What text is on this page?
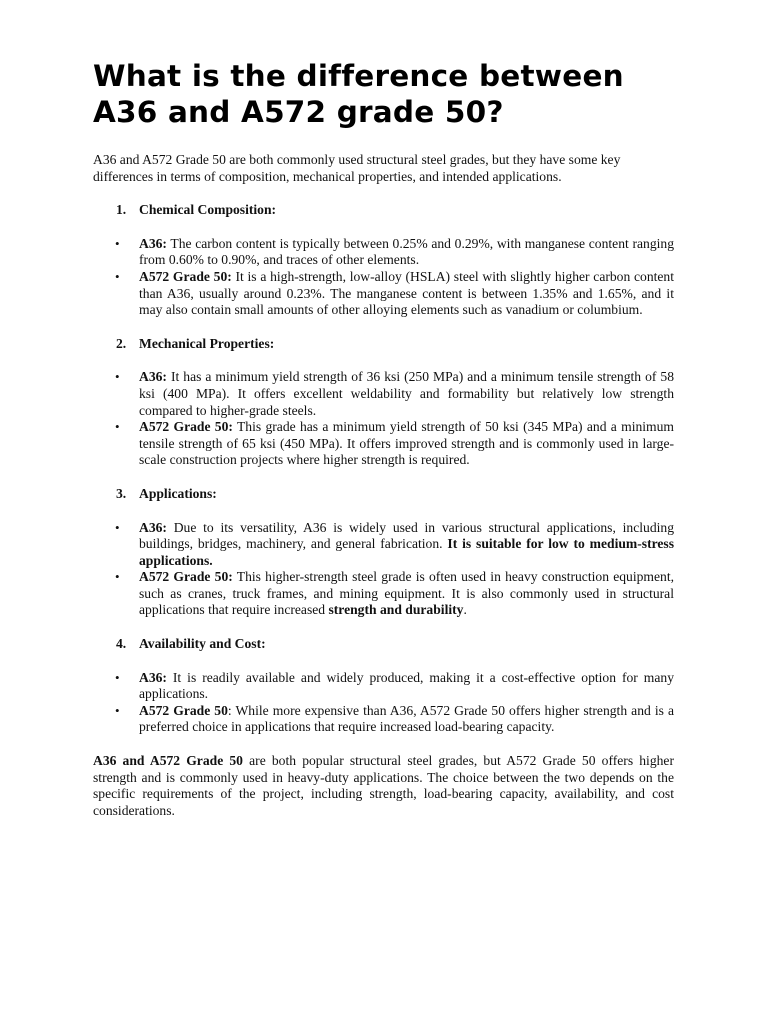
What is the difference between A36 and A572 grade 50?

A36 and A572 Grade 50 are both commonly used structural steel grades, but they have some key differences in terms of composition, mechanical properties, and intended applications.

1. Chemical Composition:
• A36: The carbon content is typically between 0.25% and 0.29%, with manganese content ranging from 0.60% to 0.90%, and traces of other elements.
• A572 Grade 50: It is a high-strength, low-alloy (HSLA) steel with slightly higher carbon content than A36, usually around 0.23%. The manganese content is between 1.35% and 1.65%, and it may also contain small amounts of other alloying elements such as vanadium or columbium.
2. Mechanical Properties:
• A36: It has a minimum yield strength of 36 ksi (250 MPa) and a minimum tensile strength of 58 ksi (400 MPa). It offers excellent weldability and formability but relatively low strength compared to higher-grade steels.
• A572 Grade 50: This grade has a minimum yield strength of 50 ksi (345 MPa) and a minimum tensile strength of 65 ksi (450 MPa). It offers improved strength and is commonly used in large-scale construction projects where higher strength is required.
3. Applications:
• A36: Due to its versatility, A36 is widely used in various structural applications, including buildings, bridges, machinery, and general fabrication. It is suitable for low to medium-stress applications.
• A572 Grade 50: This higher-strength steel grade is often used in heavy construction equipment, such as cranes, truck frames, and mining equipment. It is also commonly used in structural applications that require increased strength and durability.
4. Availability and Cost:
• A36: It is readily available and widely produced, making it a cost-effective option for many applications.
• A572 Grade 50: While more expensive than A36, A572 Grade 50 offers higher strength and is a preferred choice in applications that require increased load-bearing capacity.

A36 and A572 Grade 50 are both popular structural steel grades, but A572 Grade 50 offers higher strength and is commonly used in heavy-duty applications. The choice between the two depends on the specific requirements of the project, including strength, load-bearing capacity, availability, and cost considerations.
